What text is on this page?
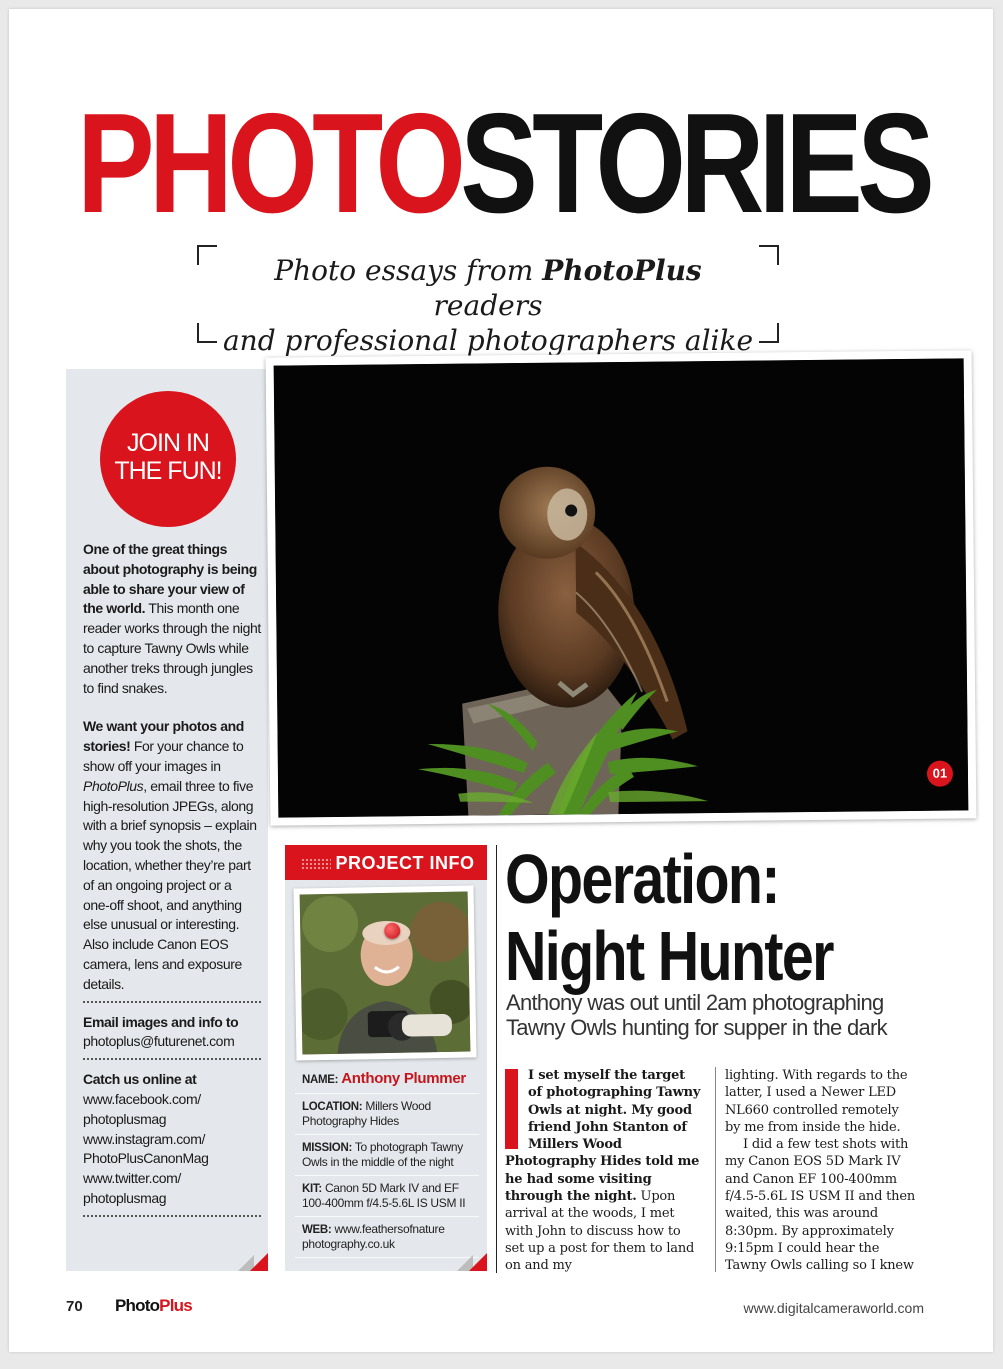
PHOTOSTORIES
Photo essays from PhotoPlus readers
and professional photographers alike
JOIN IN
THE FUN!

One of the great things about photography is being able to share your view of the world. This month one reader works through the night to capture Tawny Owls while another treks through jungles to find snakes.

We want your photos and stories! For your chance to show off your images in PhotoPlus, email three to five high-resolution JPEGs, along with a brief synopsis – explain why you took the shots, the location, whether they’re part of an ongoing project or a one-off shoot, and anything else unusual or interesting. Also include Canon EOS camera, lens and exposure details.

Email images and info to
photoplus@futurenet.com
Catch us online at
www.facebook.com/
photoplusmag
www.instagram.com/
PhotoPlusCanonMag
www.twitter.com/
photoplusmag
01
PROJECT INFO
NAME: Anthony Plummer
LOCATION: Millers Wood Photography Hides
MISSION: To photograph Tawny Owls in the middle of the night
KIT: Canon 5D Mark IV and EF 100-400mm f/4.5-5.6L IS USM II
WEB: www.feathersofnature photography.co.uk
Operation:
Night Hunter
Anthony was out until 2am photographing Tawny Owls hunting for supper in the dark
I set myself the target of photographing Tawny Owls at night. My good friend John Stanton of Millers Wood Photography Hides told me he had some visiting through the night. Upon arrival at the woods, I met with John to discuss how to set up a post for them to land on and my

lighting. With regards to the latter, I used a Newer LED NL660 controlled remotely by me from inside the hide.

I did a few test shots with my Canon EOS 5D Mark IV and Canon EF 100-400mm f/4.5-5.6L IS USM II and then waited, this was around 8:30pm. By approximately 9:15pm I could hear the Tawny Owls calling so I knew

70 PhotoPlus	www.digitalcameraworld.com
